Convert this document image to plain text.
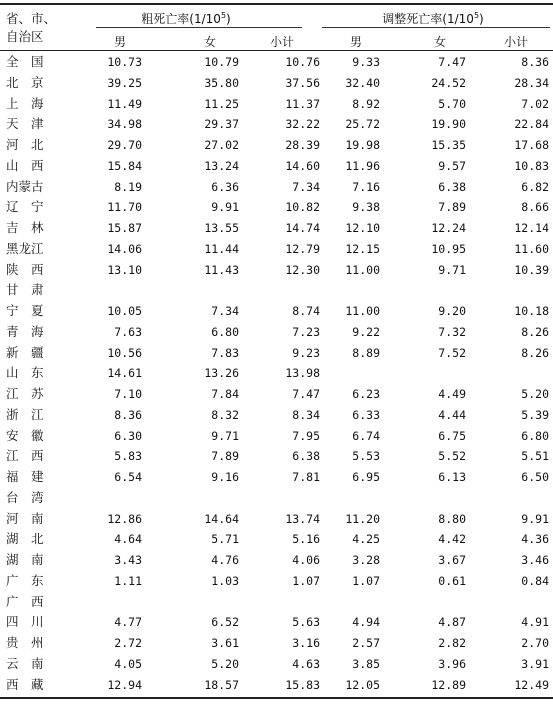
省、市、
自治区
粗死亡率$(1/10^5)$	调整死亡率$(1/10^5)$
男	女	小计	男	女	小计
全　国	10.73	10.79	10.76	9.33	7.47	8.36
北　京	39.25	35.80	37.56	32.40	24.52	28.34
上　海	11.49	11.25	11.37	8.92	5.70	7.02
天　津	34.98	29.37	32.22	25.72	19.90	22.84
河　北	29.70	27.02	28.39	19.98	15.35	17.68
山　西	15.84	13.24	14.60	11.96	9.57	10.83
内蒙古	8.19	6.36	7.34	7.16	6.38	6.82
辽　宁	11.70	9.91	10.82	9.38	7.89	8.66
吉　林	15.87	13.55	14.74	12.10	12.24	12.14
黑龙江	14.06	11.44	12.79	12.15	10.95	11.60
陕　西	13.10	11.43	12.30	11.00	9.71	10.39
甘　肃
宁　夏	10.05	7.34	8.74	11.00	9.20	10.18
青　海	7.63	6.80	7.23	9.22	7.32	8.26
新　疆	10.56	7.83	9.23	8.89	7.52	8.26
山　东	14.61	13.26	13.98
江　苏	7.10	7.84	7.47	6.23	4.49	5.20
浙　江	8.36	8.32	8.34	6.33	4.44	5.39
安　徽	6.30	9.71	7.95	6.74	6.75	6.80
江　西	5.83	7.89	6.38	5.53	5.52	5.51
福　建	6.54	9.16	7.81	6.95	6.13	6.50
台　湾
河　南	12.86	14.64	13.74	11.20	8.80	9.91
湖　北	4.64	5.71	5.16	4.25	4.42	4.36
湖　南	3.43	4.76	4.06	3.28	3.67	3.46
广　东	1.11	1.03	1.07	1.07	0.61	0.84
广　西
四　川	4.77	6.52	5.63	4.94	4.87	4.91
贵　州	2.72	3.61	3.16	2.57	2.82	2.70
云　南	4.05	5.20	4.63	3.85	3.96	3.91
西　藏	12.94	18.57	15.83	12.05	12.89	12.49
